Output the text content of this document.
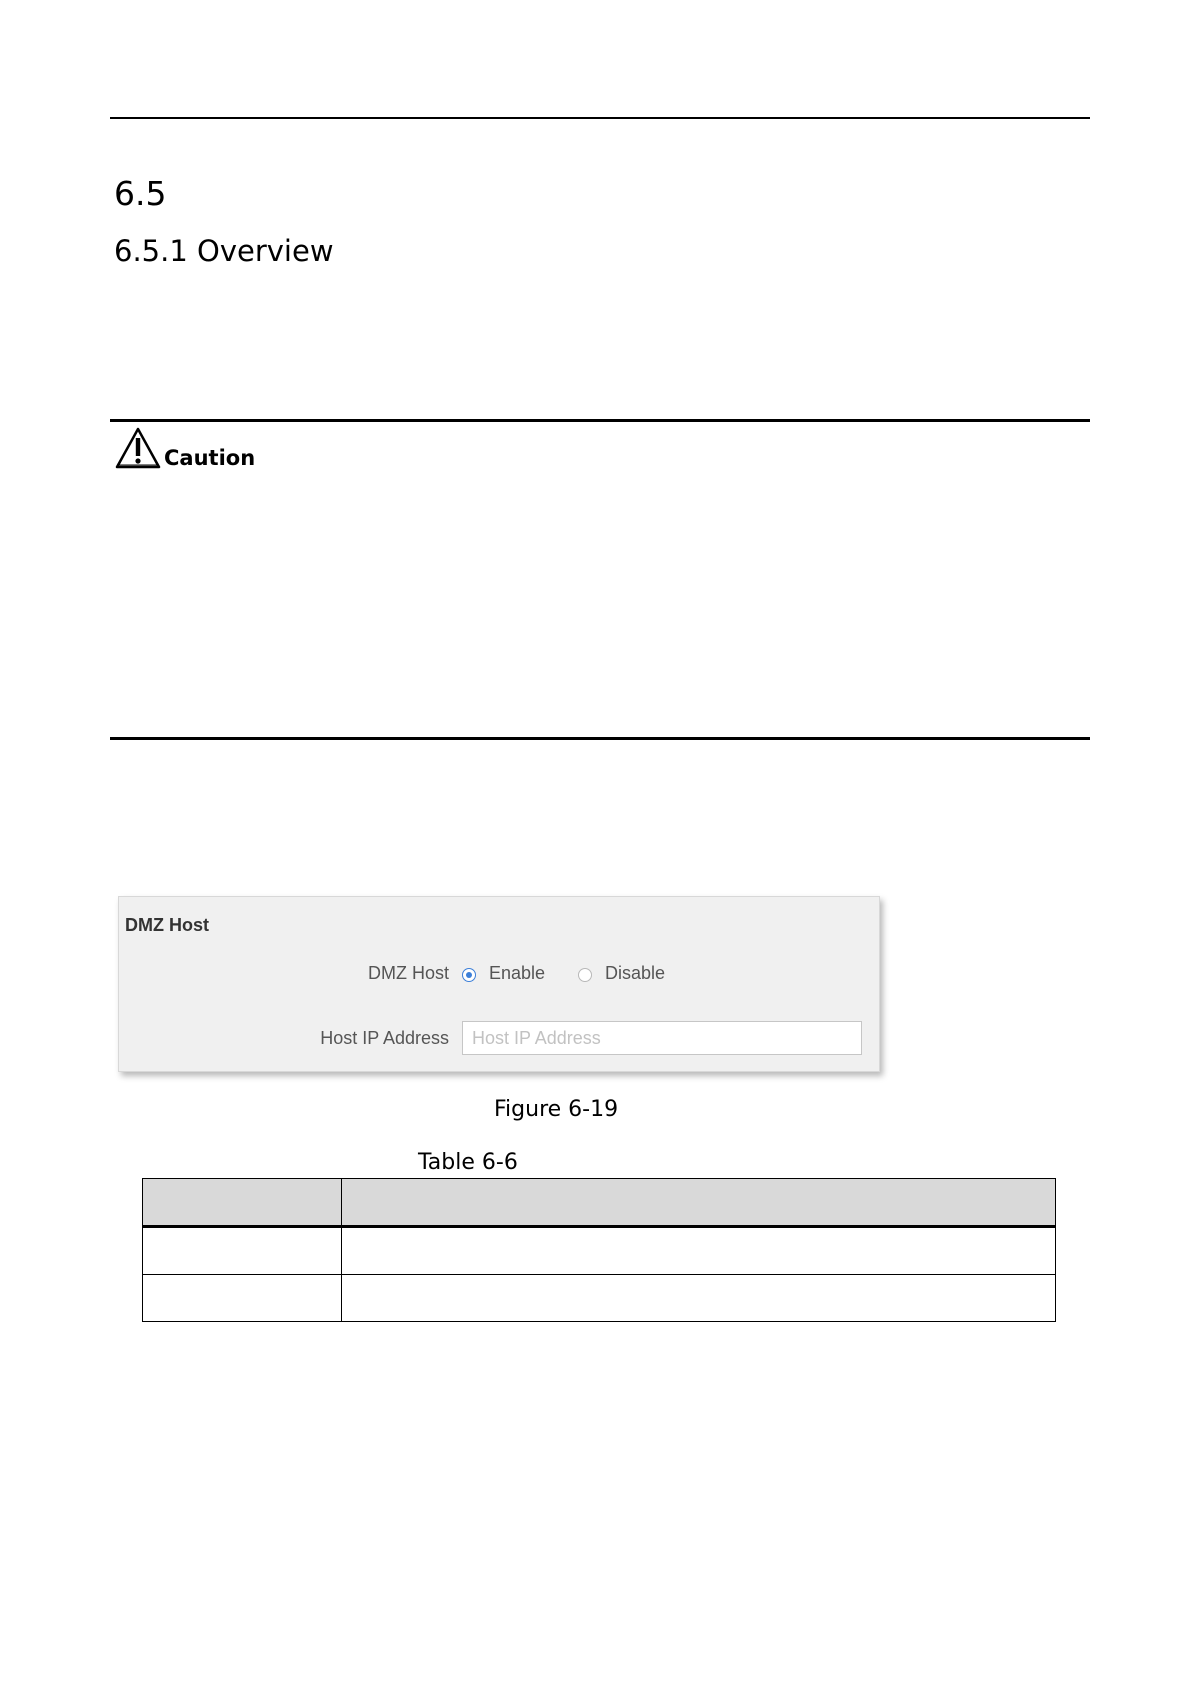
6.5
6.5.1 Overview
Caution
DMZ Host
DMZ Host Enable	Disable
Host IP Address
Host IP Address
Figure 6-19
Table 6-6
